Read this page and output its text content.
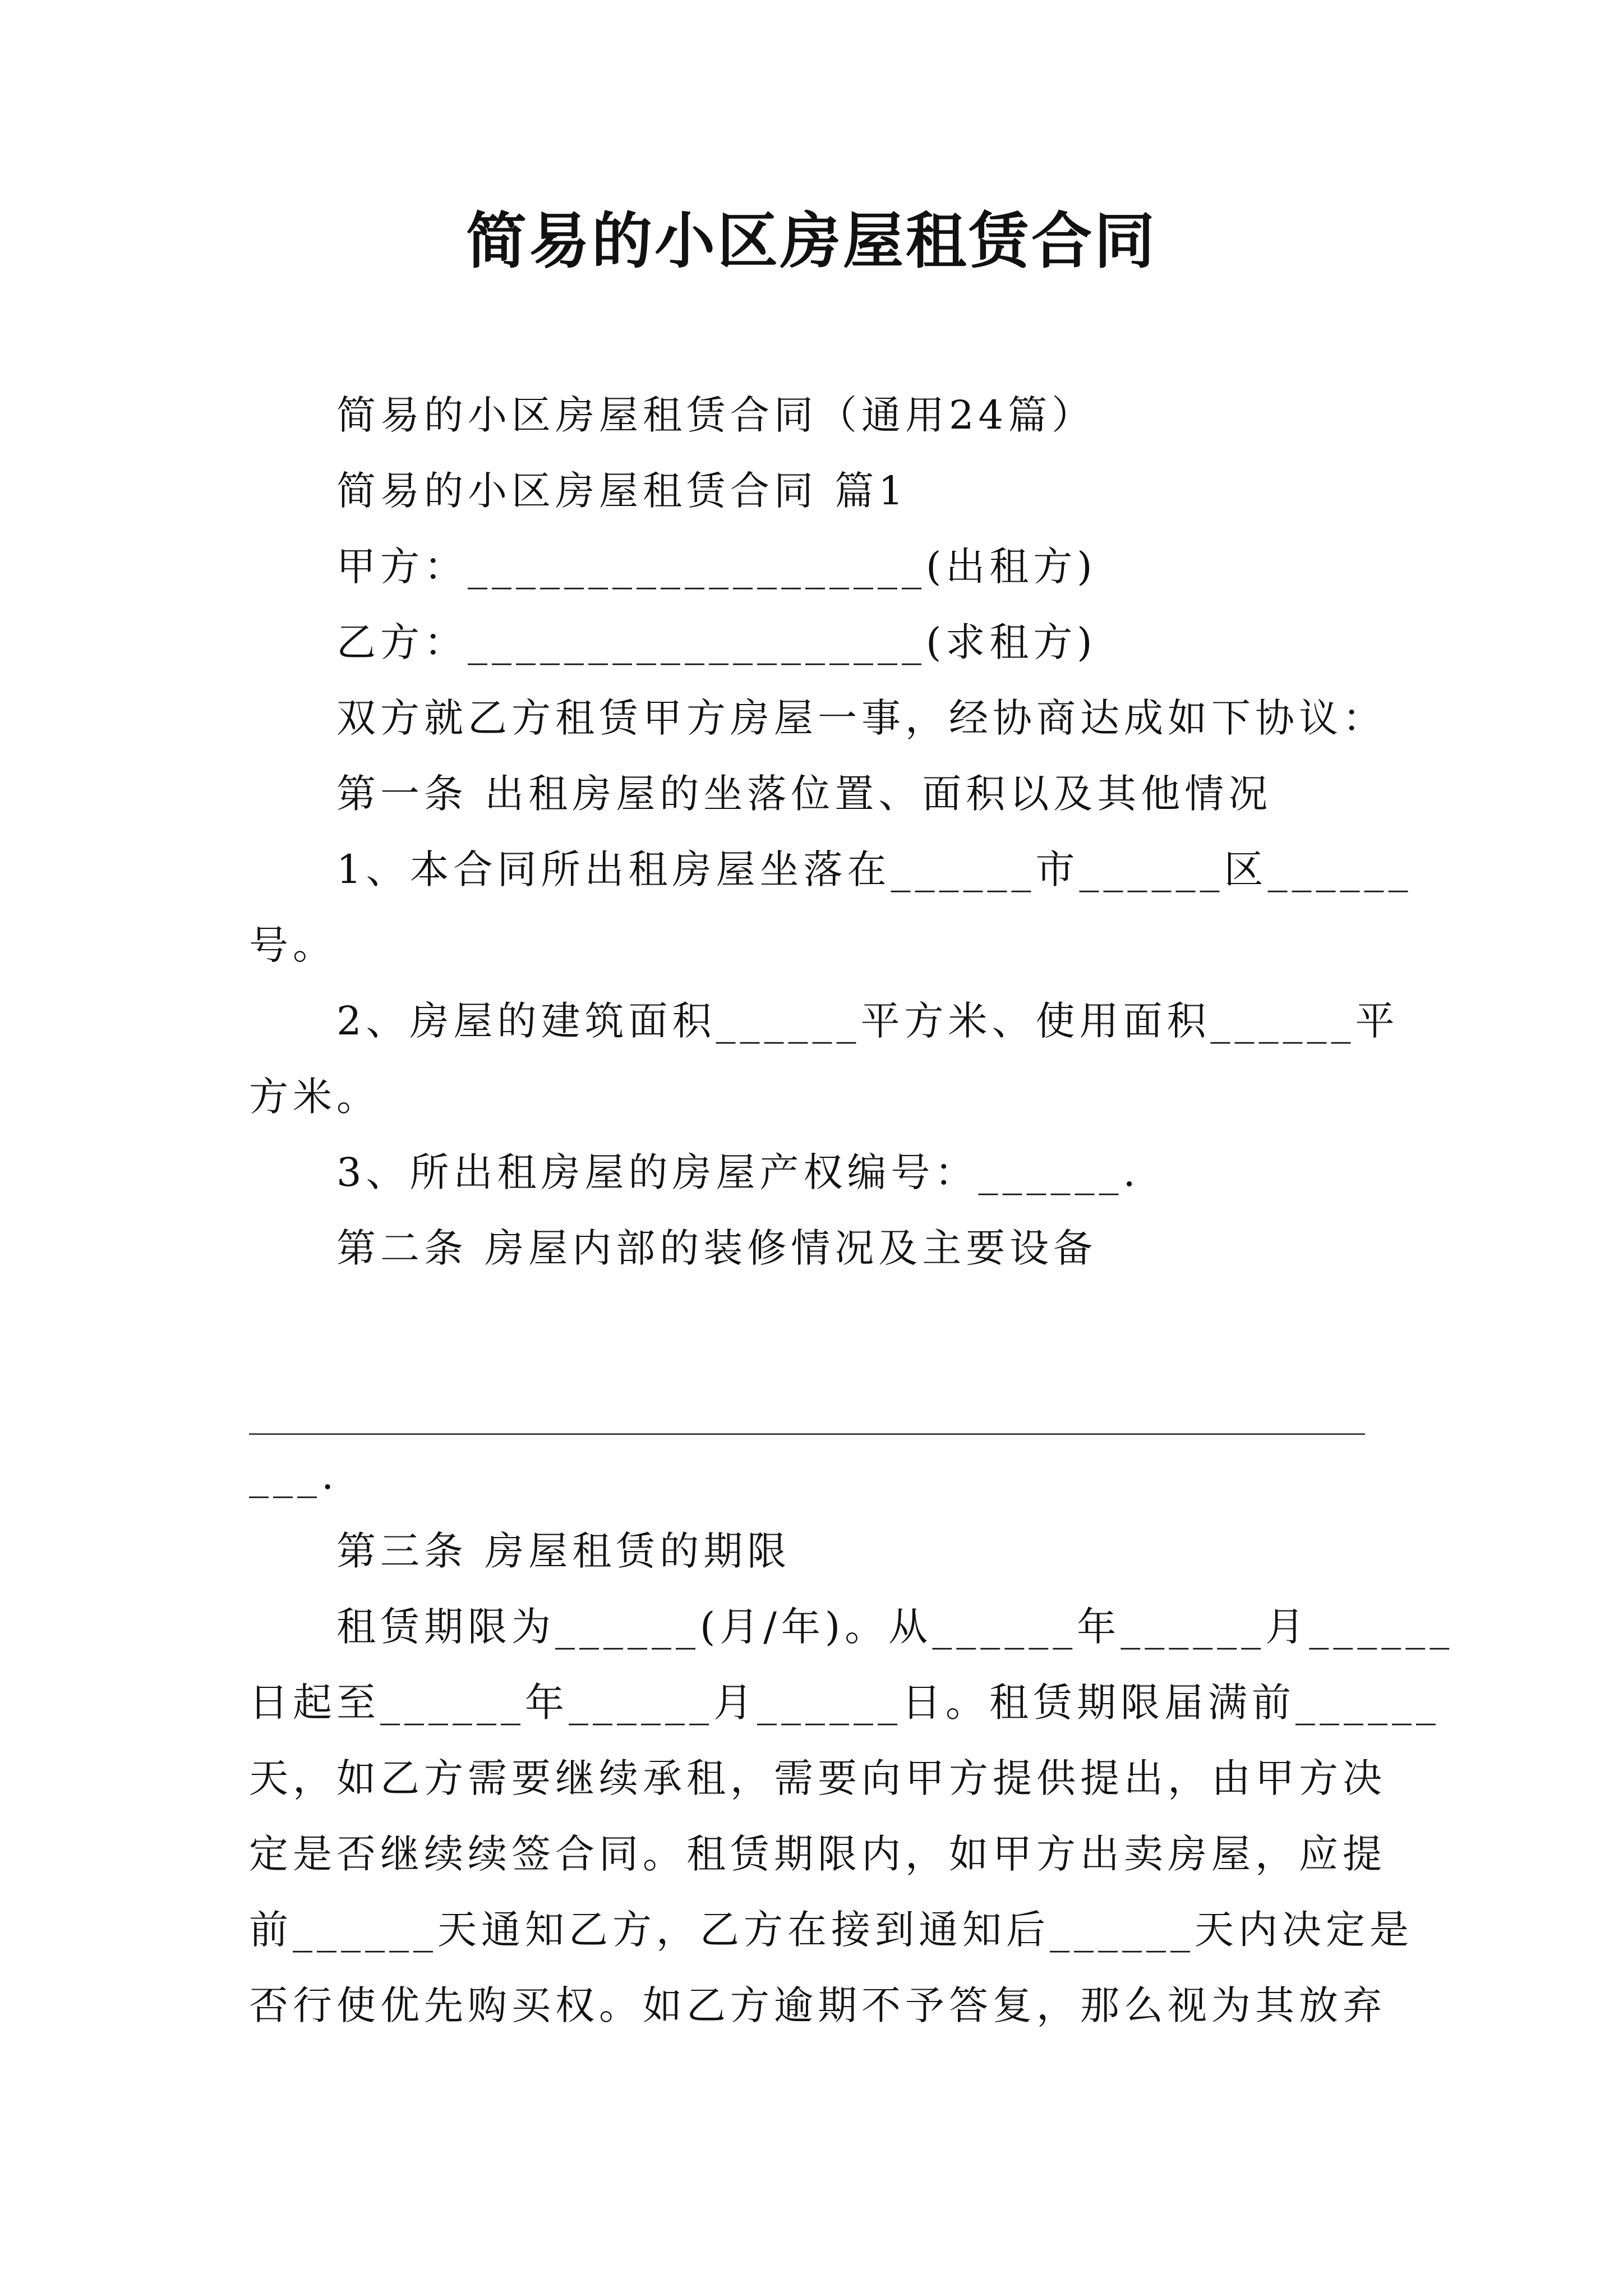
简易的小区房屋租赁合同
简易的小区房屋租赁合同（通用24篇）
简易的小区房屋租赁合同 篇1
甲方：___________________(出租方)
乙方：___________________(求租方)
双方就乙方租赁甲方房屋一事，经协商达成如下协议：
第一条 出租房屋的坐落位置、面积以及其他情况
1、本合同所出租房屋坐落在______市______区______
号。
2、房屋的建筑面积______平方米、使用面积______平
方米。
3、所出租房屋的房屋产权编号：______.
第二条 房屋内部的装修情况及主要设备
___.
第三条 房屋租赁的期限
租赁期限为______(月/年)。从______年______月______
日起至______年______月______日。租赁期限届满前______
天，如乙方需要继续承租，需要向甲方提供提出，由甲方决
定是否继续续签合同。租赁期限内，如甲方出卖房屋，应提
前______天通知乙方，乙方在接到通知后______天内决定是
否行使优先购买权。如乙方逾期不予答复，那么视为其放弃
